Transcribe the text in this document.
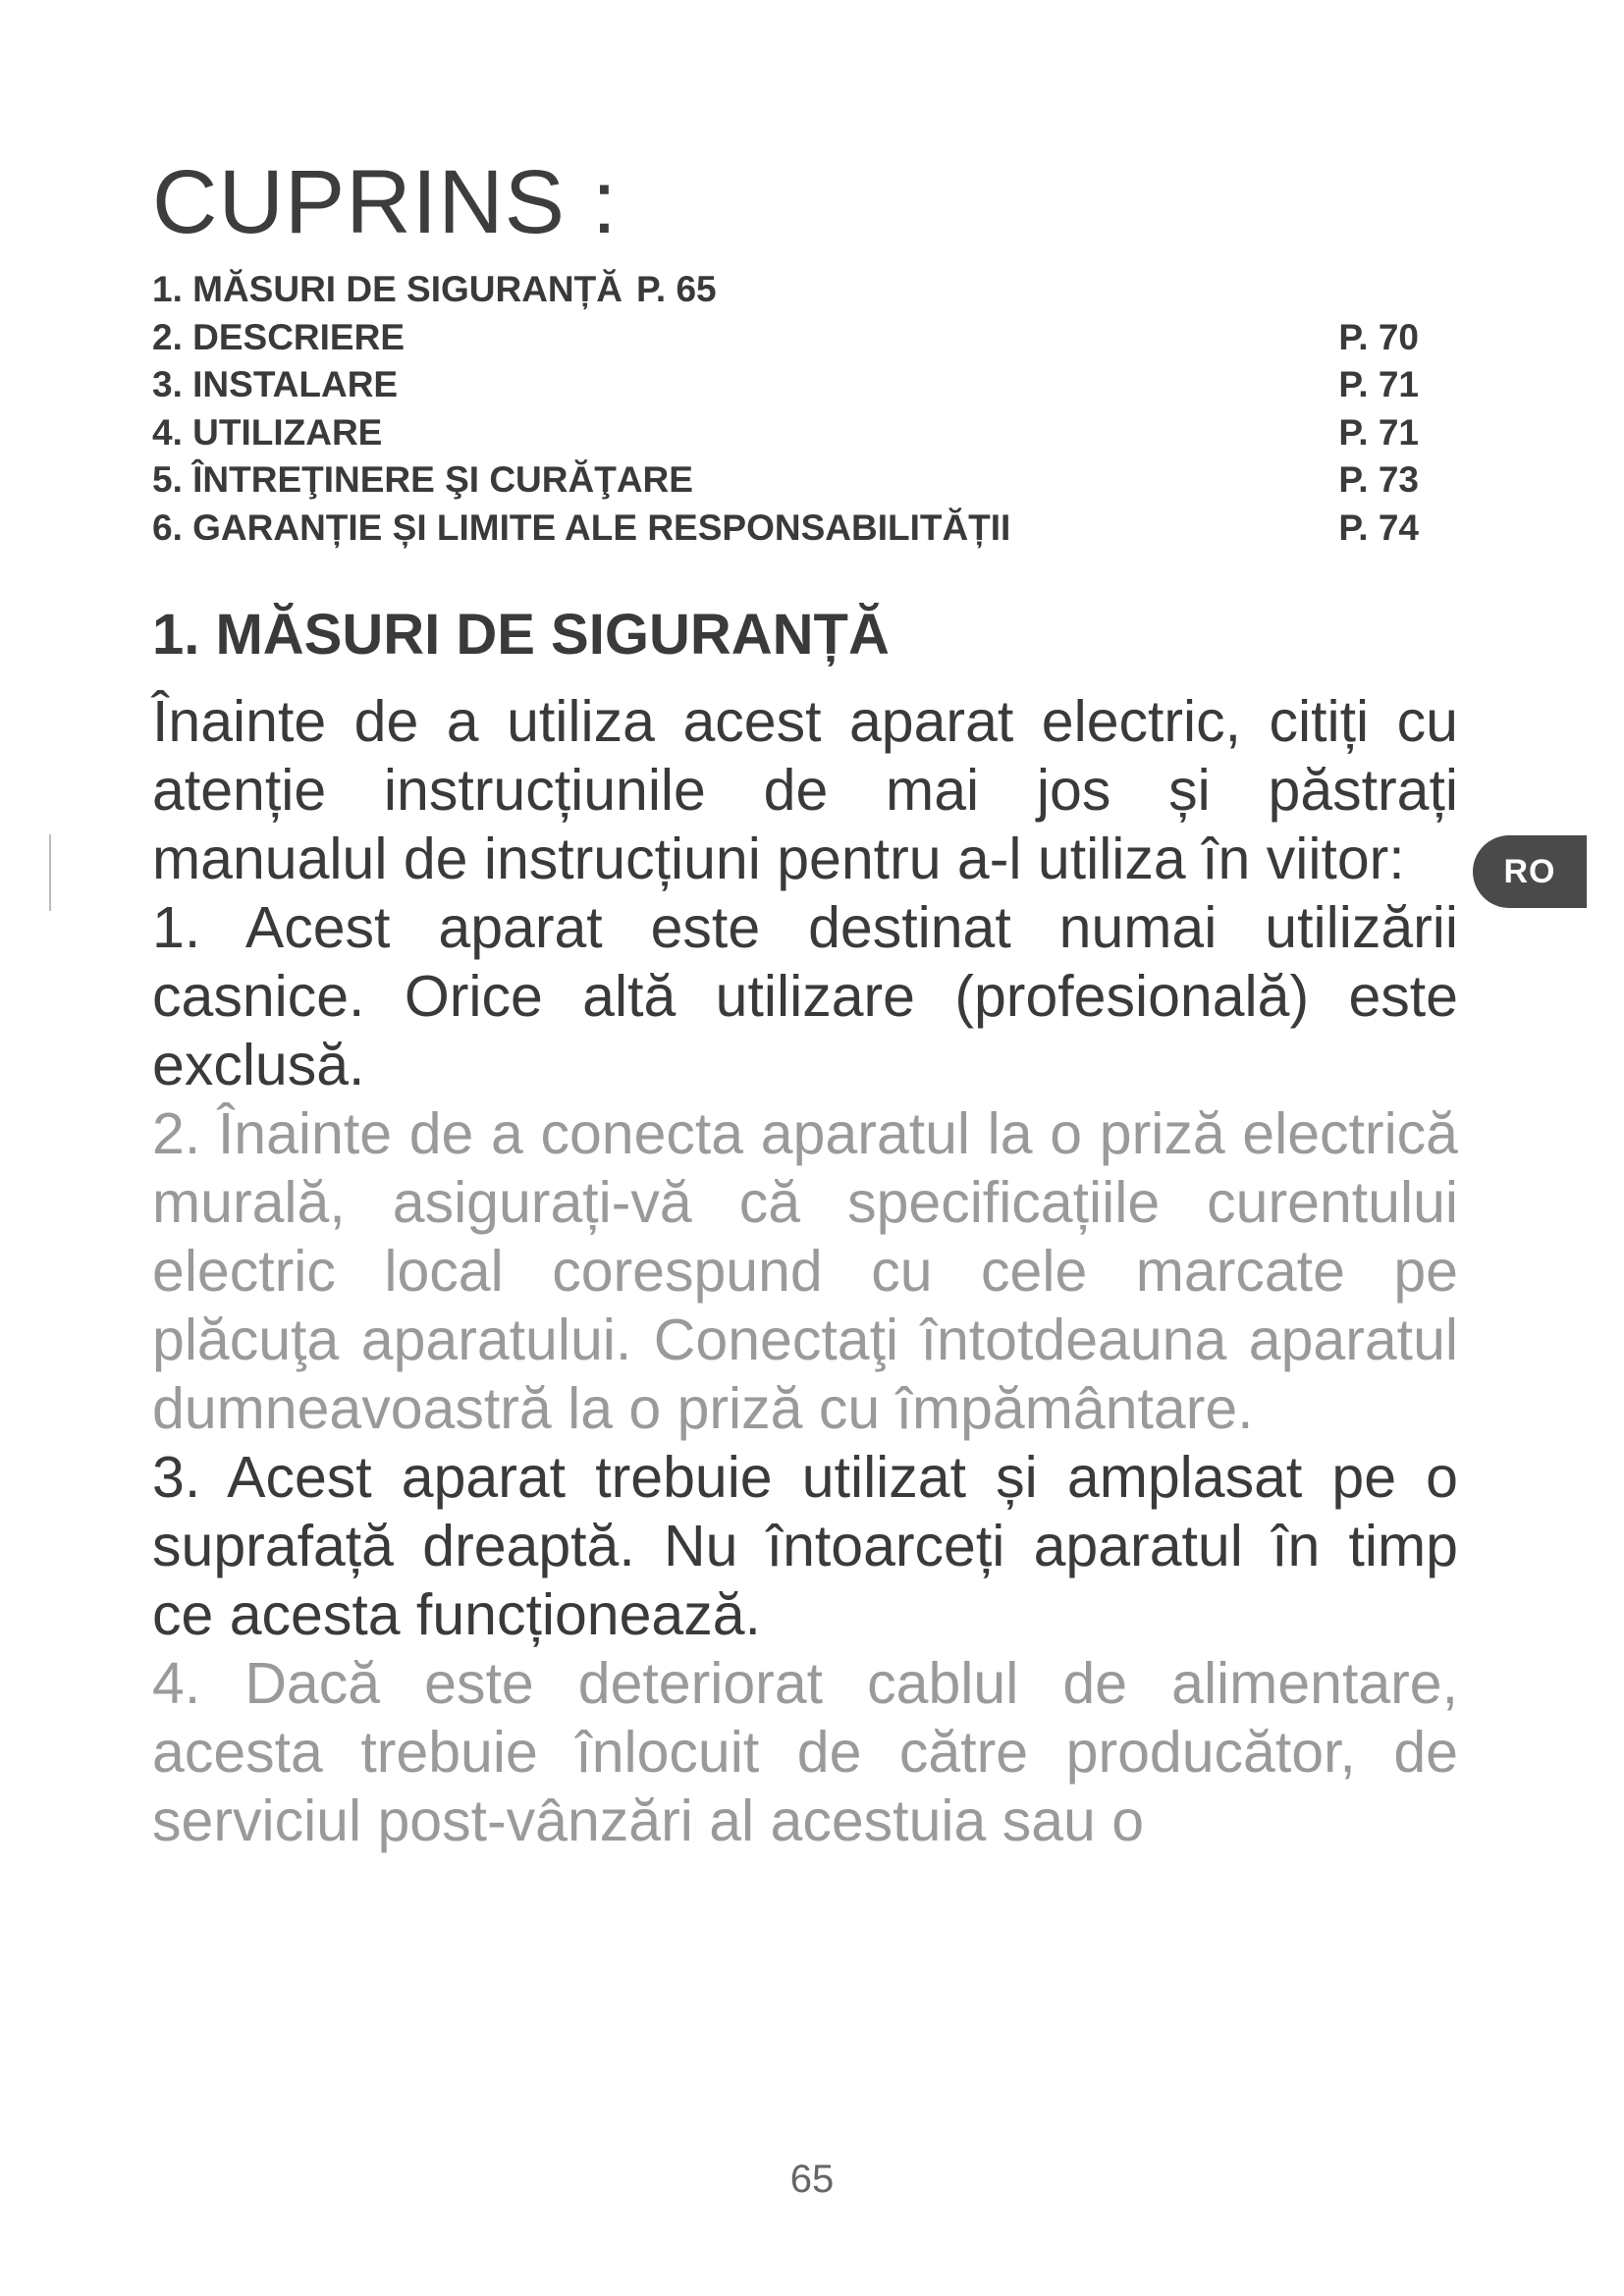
CUPRINS :
1. MĂSURI DE SIGURANȚĂ P. 65
2. DESCRIERE	P. 70
3. INSTALARE	P. 71
4. UTILIZARE	P. 71
5. ÎNTREŢINERE ŞI CURĂŢARE	P. 73
6. GARANȚIE ȘI LIMITE ALE RESPONSABILITĂȚII	P. 74
1. MĂSURI DE SIGURANȚĂ

Înainte de a utiliza acest aparat electric, citiți cu atenție instrucțiunile de mai jos și păstrați manualul de instrucțiuni pentru a-l utiliza în viitor:

1. Acest aparat este destinat numai utilizării casnice. Orice altă utilizare (profesională) este exclusă.

2. Înainte de a conecta aparatul la o priză electrică murală, asigurați-vă că specificațiile curentului electric local corespund cu cele marcate pe plăcuţa aparatului. Conectaţi întotdeauna aparatul dumneavoastră la o priză cu împământare.

3. Acest aparat trebuie utilizat și amplasat pe o suprafață dreaptă. Nu întoarceți aparatul în timp ce acesta funcționează.

4. Dacă este deteriorat cablul de alimentare, acesta trebuie înlocuit de către producător, de serviciul post-vânzări al acestuia sau o

RO
65
